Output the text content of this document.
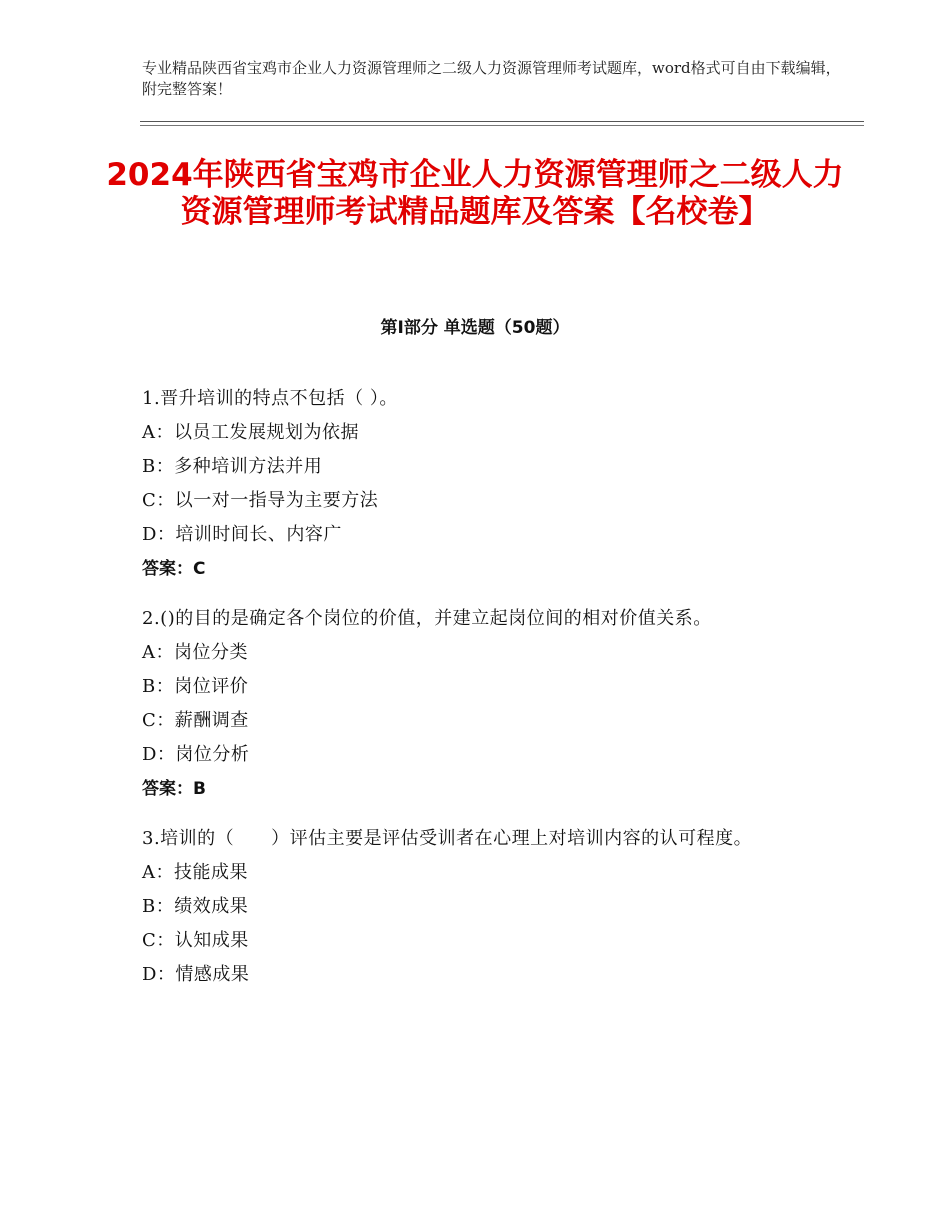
专业精品陕西省宝鸡市企业人力资源管理师之二级人力资源管理师考试题库，word格式可自由下载编辑，附完整答案！
2024年陕西省宝鸡市企业人力资源管理师之二级人力资源管理师考试精品题库及答案【名校卷】
第Ⅰ部分 单选题（50题）
1.晋升培训的特点不包括（ ）。
A：以员工发展规划为依据
B：多种培训方法并用
C：以一对一指导为主要方法
D：培训时间长、内容广
答案：C
2.()的目的是确定各个岗位的价值，并建立起岗位间的相对价值关系。
A：岗位分类
B：岗位评价
C：薪酬调查
D：岗位分析
答案：B
3.培训的（　　）评估主要是评估受训者在心理上对培训内容的认可程度。
A：技能成果
B：绩效成果
C：认知成果
D：情感成果
